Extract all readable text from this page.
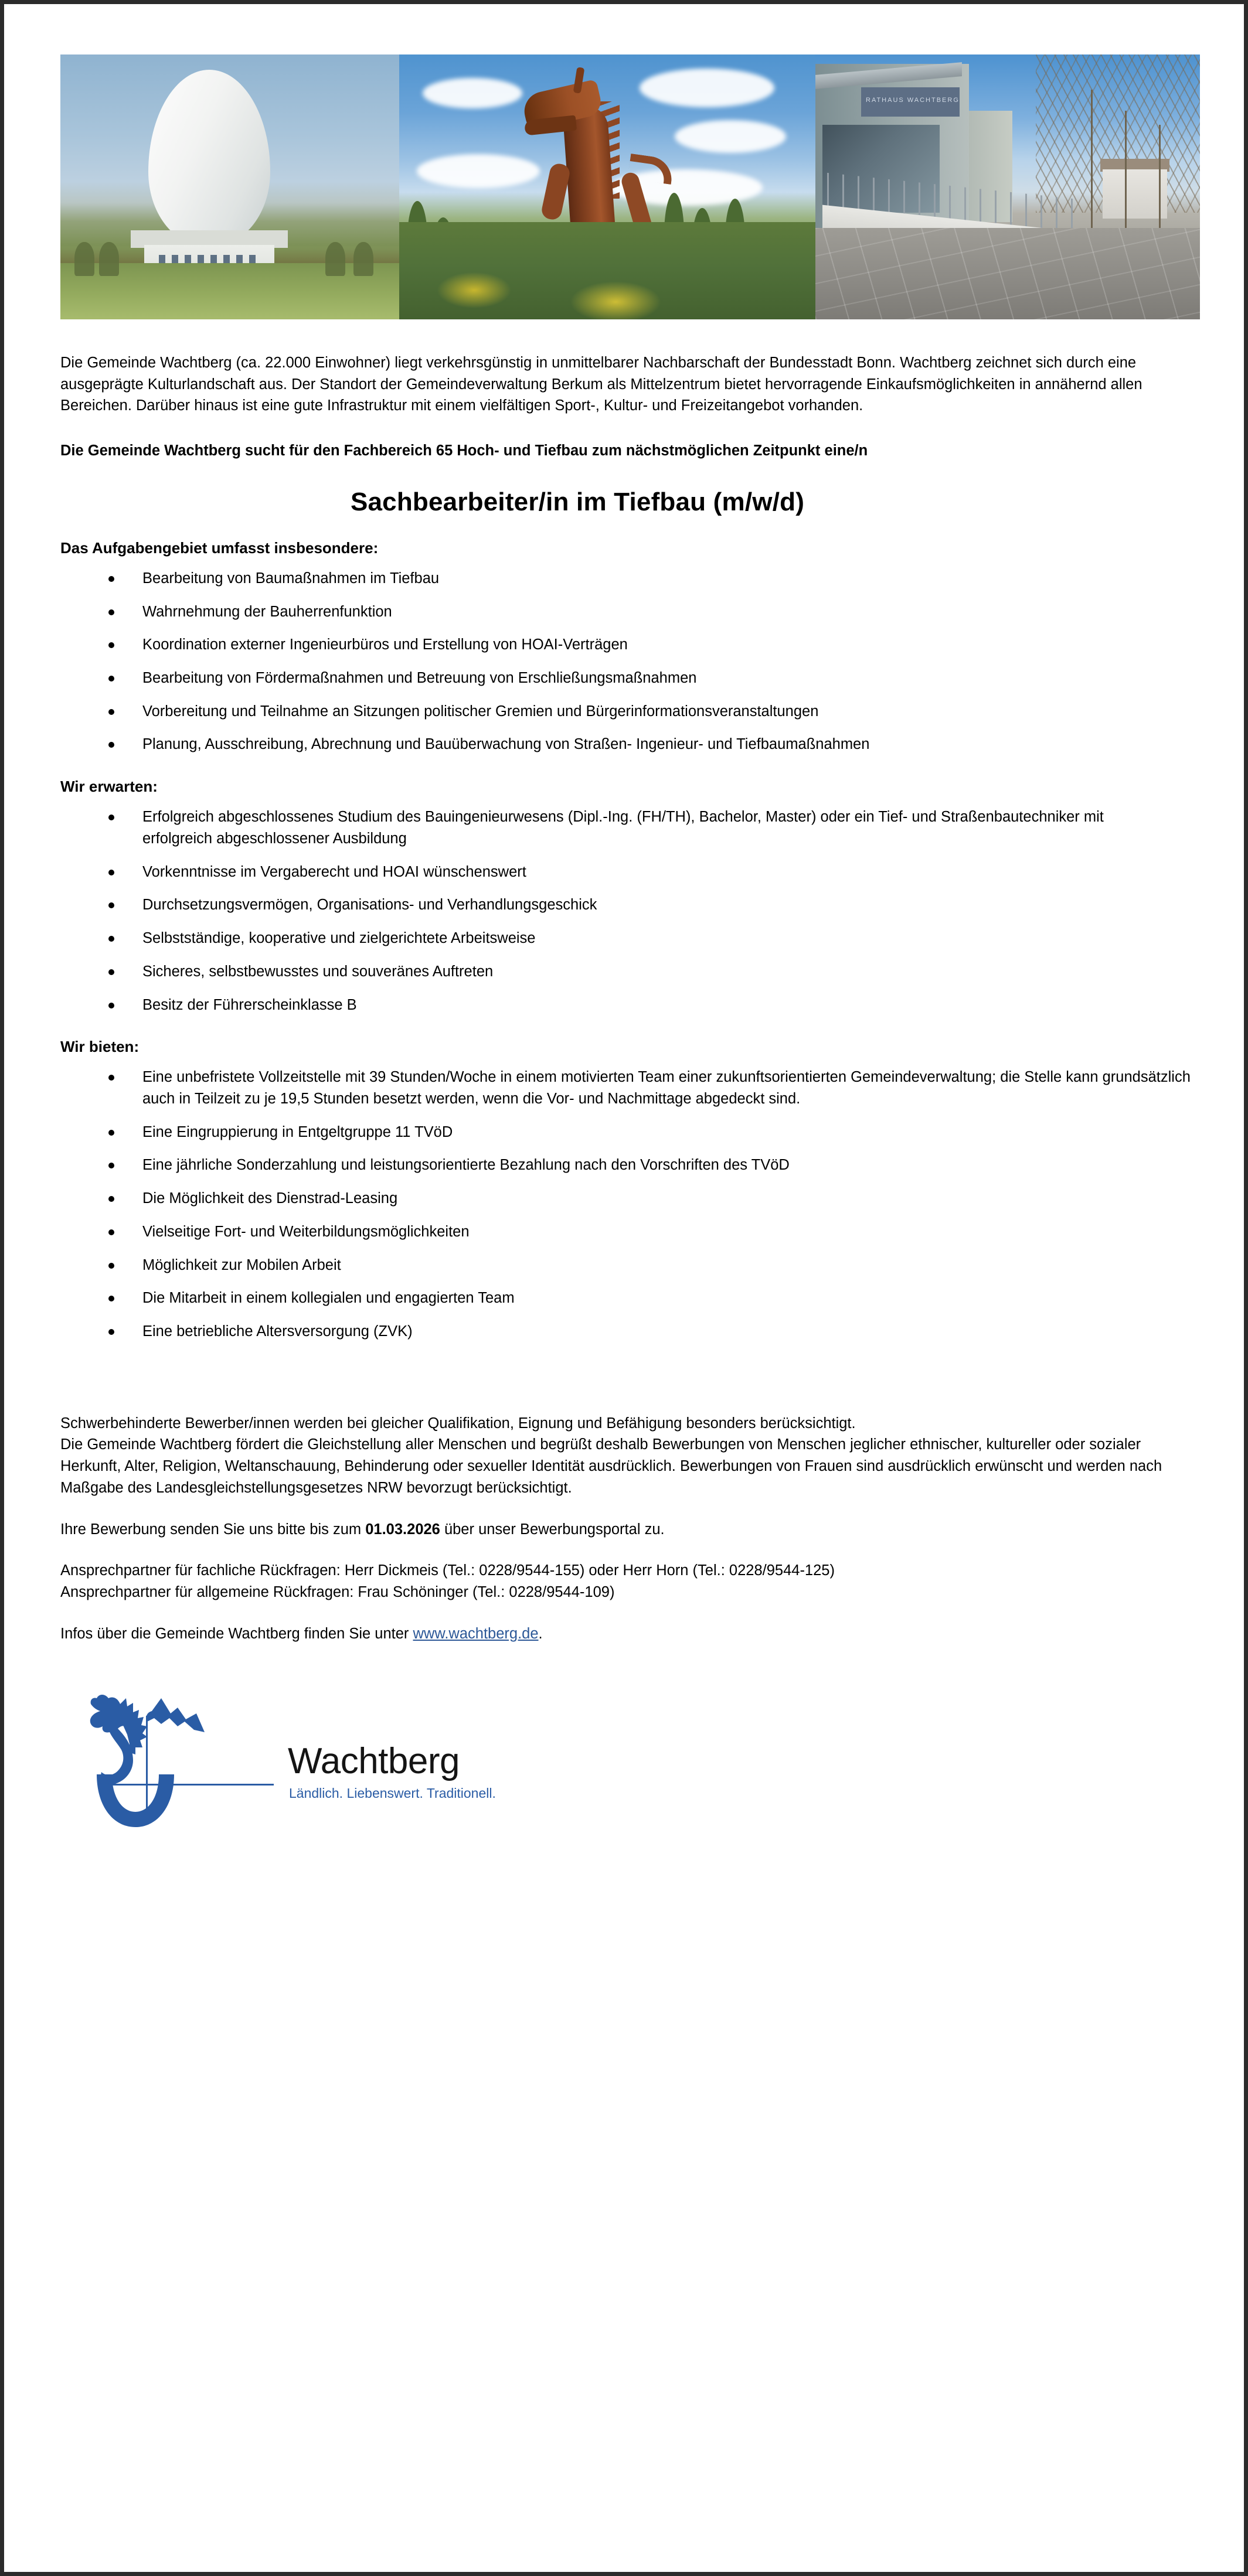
RATHAUS WACHTBERG

Die Gemeinde Wachtberg (ca. 22.000 Einwohner) liegt verkehrsgünstig in unmittelbarer Nachbarschaft der Bundesstadt Bonn. Wachtberg zeichnet sich durch eine ausgeprägte Kulturlandschaft aus. Der Standort der Gemeindeverwaltung Berkum als Mittelzentrum bietet hervorragende Einkaufsmöglichkeiten in annähernd allen Bereichen. Darüber hinaus ist eine gute Infrastruktur mit einem vielfältigen Sport-, Kultur- und Freizeitangebot vorhanden.

Die Gemeinde Wachtberg sucht für den Fachbereich 65 Hoch- und Tiefbau zum nächstmöglichen Zeitpunkt eine/n

Sachbearbeiter/in im Tiefbau (m/w/d)
Das Aufgabengebiet umfasst insbesondere:
Bearbeitung von Baumaßnahmen im Tiefbau
Wahrnehmung der Bauherrenfunktion
Koordination externer Ingenieurbüros und Erstellung von HOAI-Verträgen
Bearbeitung von Fördermaßnahmen und Betreuung von Erschließungsmaßnahmen
Vorbereitung und Teilnahme an Sitzungen politischer Gremien und Bürgerinformationsveranstaltungen
Planung, Ausschreibung, Abrechnung und Bauüberwachung von Straßen- Ingenieur- und Tiefbaumaßnahmen
Wir erwarten:
Erfolgreich abgeschlossenes Studium des Bauingenieurwesens (Dipl.-Ing. (FH/TH), Bachelor, Master) oder ein Tief- und Straßenbautechniker mit erfolgreich abgeschlossener Ausbildung
Vorkenntnisse im Vergaberecht und HOAI wünschenswert
Durchsetzungsvermögen, Organisations- und Verhandlungsgeschick
Selbstständige, kooperative und zielgerichtete Arbeitsweise
Sicheres, selbstbewusstes und souveränes Auftreten
Besitz der Führerscheinklasse B
Wir bieten:
Eine unbefristete Vollzeitstelle mit 39 Stunden/Woche in einem motivierten Team einer zukunftsorientierten Gemeindeverwaltung; die Stelle kann grundsätzlich auch in Teilzeit zu je 19,5 Stunden besetzt werden, wenn die Vor- und Nachmittage abgedeckt sind.
Eine Eingruppierung in Entgeltgruppe 11 TVöD
Eine jährliche Sonderzahlung und leistungsorientierte Bezahlung nach den Vorschriften des TVöD
Die Möglichkeit des Dienstrad-Leasing
Vielseitige Fort- und Weiterbildungsmöglichkeiten
Möglichkeit zur Mobilen Arbeit
Die Mitarbeit in einem kollegialen und engagierten Team
Eine betriebliche Altersversorgung (ZVK)

Schwerbehinderte Bewerber/innen werden bei gleicher Qualifikation, Eignung und Befähigung besonders berücksichtigt.

Die Gemeinde Wachtberg fördert die Gleichstellung aller Menschen und begrüßt deshalb Bewerbungen von Menschen jeglicher ethnischer, kultureller oder sozialer Herkunft, Alter, Religion, Weltanschauung, Behinderung oder sexueller Identität ausdrücklich. Bewerbungen von Frauen sind ausdrücklich erwünscht und werden nach Maßgabe des Landesgleichstellungsgesetzes NRW bevorzugt berücksichtigt.

Ihre Bewerbung senden Sie uns bitte bis zum 01.03.2026 über unser Bewerbungsportal zu.

Ansprechpartner für fachliche Rückfragen: Herr Dickmeis (Tel.: 0228/9544-155) oder Herr Horn (Tel.: 0228/9544-125)

Ansprechpartner für allgemeine Rückfragen: Frau Schöninger (Tel.: 0228/9544-109)

Infos über die Gemeinde Wachtberg finden Sie unter www.wachtberg.de.

Wachtberg
Ländlich. Liebenswert. Traditionell.
